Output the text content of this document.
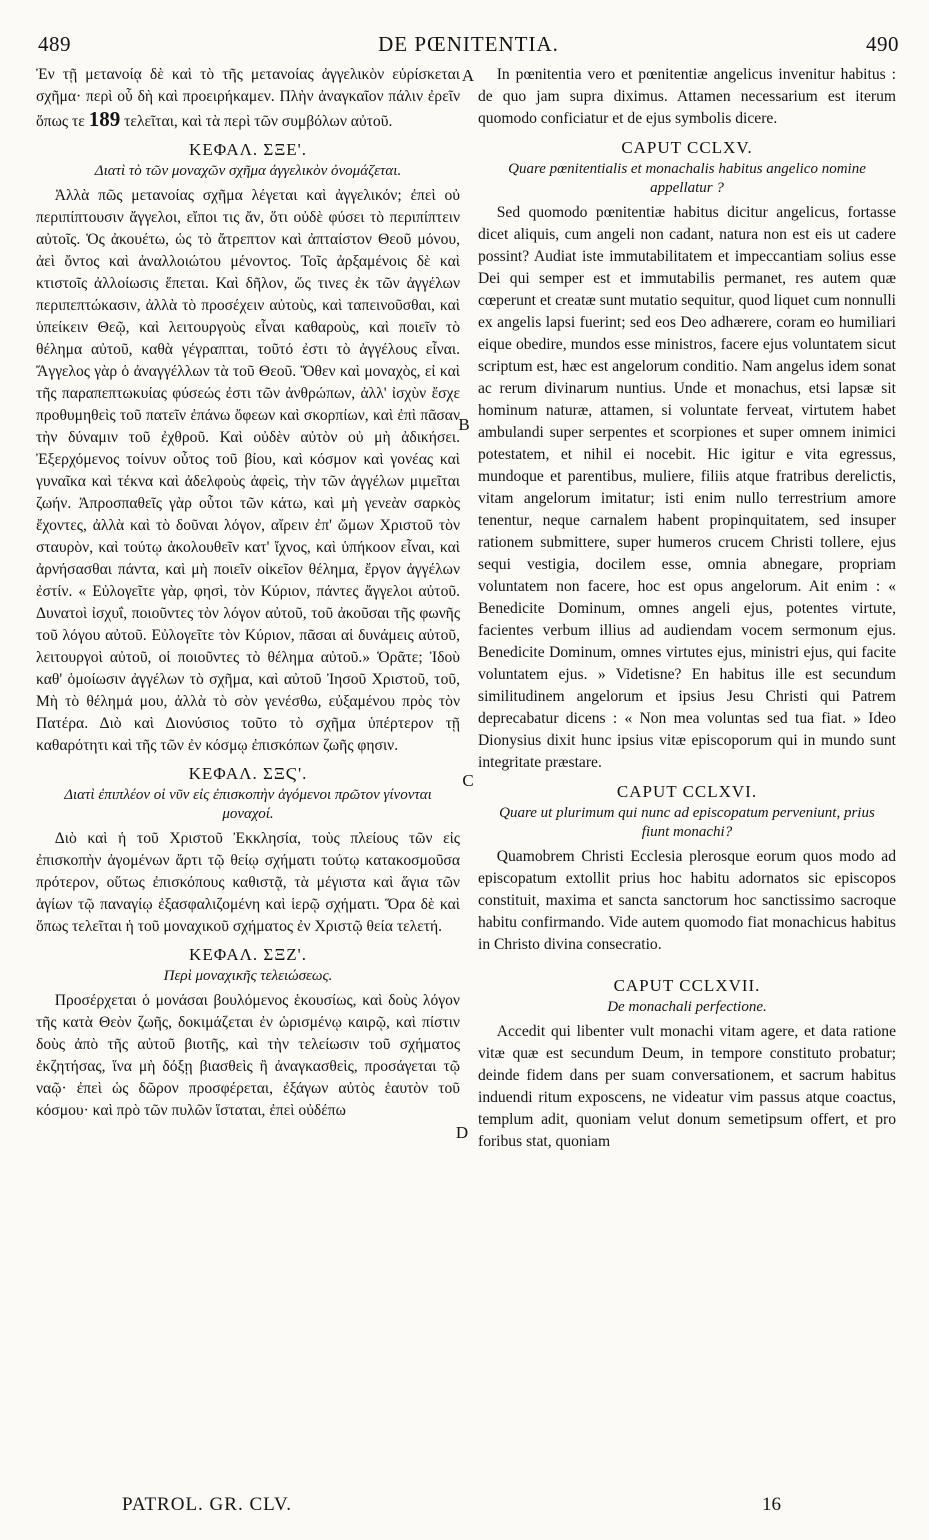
489	DE PŒNITENTIA.	490

Ἐν τῇ μετανοίᾳ δὲ καὶ τὸ τῆς μετανοίας ἀγγελικὸν εὑρίσκεται σχῆμα· περὶ οὗ δὴ καὶ προειρήκαμεν. Πλὴν ἀναγκαῖον πάλιν ἐρεῖν ὅπως τε 189 τελεῖται, καὶ τὰ περὶ τῶν συμβόλων αὐτοῦ.

ΚΕΦΑΛ. ΣΞΕ'.
Διατὶ τὸ τῶν μοναχῶν σχῆμα ἀγγελικὸν ὀνομάζεται.

Ἀλλὰ πῶς μετανοίας σχῆμα λέγεται καὶ ἀγγελικόν; ἐπεὶ οὐ περιπίπτουσιν ἄγγελοι, εἴποι τις ἄν, ὅτι οὐδὲ φύσει τὸ περιπίπτειν αὐτοῖς. Ὁς ἀκουέτω, ὡς τὸ ἄτρεπτον καὶ ἀπταίστον Θεοῦ μόνου, ἀεὶ ὄντος καὶ ἀναλλοιώτου μένοντος. Τοῖς ἀρξαμένοις δὲ καὶ κτιστοῖς ἀλλοίωσις ἕπεται. Καὶ δῆλον, ὥς τινες ἐκ τῶν ἀγγέλων περιπεπτώκασιν, ἀλλὰ τὸ προσέχειν αὐτοὺς, καὶ ταπεινοῦσθαι, καὶ ὑπείκειν Θεῷ, καὶ λειτουργοὺς εἶναι καθαροὺς, καὶ ποιεῖν τὸ θέλημα αὐτοῦ, καθὰ γέγραπται, τοῦτό ἐστι τὸ ἀγγέλους εἶναι. Ἄγγελος γὰρ ὁ ἀναγγέλλων τὰ τοῦ Θεοῦ. Ὅθεν καὶ μοναχὸς, εἰ καὶ τῆς παραπεπτωκυίας φύσεώς ἐστι τῶν ἀνθρώπων, ἀλλ' ἰσχὺν ἔσχε προθυμηθεὶς τοῦ πατεῖν ἐπάνω ὄφεων καὶ σκορπίων, καὶ ἐπὶ πᾶσαν τὴν δύναμιν τοῦ ἐχθροῦ. Καὶ οὐδὲν αὐτὸν οὐ μὴ ἀδικήσει. Ἐξερχόμενος τοίνυν οὗτος τοῦ βίου, καὶ κόσμον καὶ γονέας καὶ γυναῖκα καὶ τέκνα καὶ ἀδελφοὺς ἀφεὶς, τὴν τῶν ἀγγέλων μιμεῖται ζωήν. Ἀπροσπαθεῖς γὰρ οὗτοι τῶν κάτω, καὶ μὴ γενεὰν σαρκὸς ἔχοντες, ἀλλὰ καὶ τὸ δοῦναι λόγον, αἴρειν ἐπ' ὤμων Χριστοῦ τὸν σταυρὸν, καὶ τούτῳ ἀκολουθεῖν κατ' ἴχνος, καὶ ὑπήκοον εἶναι, καὶ ἀρνήσασθαι πάντα, καὶ μὴ ποιεῖν οἰκεῖον θέλημα, ἔργον ἀγγέλων ἐστίν. « Εὐλογεῖτε γὰρ, φησὶ, τὸν Κύριον, πάντες ἄγγελοι αὐτοῦ. Δυνατοὶ ἰσχυΐ, ποιοῦντες τὸν λόγον αὐτοῦ, τοῦ ἀκοῦσαι τῆς φωνῆς τοῦ λόγου αὐτοῦ. Εὐλογεῖτε τὸν Κύριον, πᾶσαι αἱ δυνάμεις αὐτοῦ, λειτουργοὶ αὐτοῦ, οἱ ποιοῦντες τὸ θέλημα αὐτοῦ.» Ὁρᾶτε; Ἰδοὺ καθ' ὁμοίωσιν ἀγγέλων τὸ σχῆμα, καὶ αὐτοῦ Ἰησοῦ Χριστοῦ, τοῦ, Μὴ τὸ θέλημά μου, ἀλλὰ τὸ σὸν γενέσθω, εὐξαμένου πρὸς τὸν Πατέρα. Διὸ καὶ Διονύσιος τοῦτο τὸ σχῆμα ὑπέρτερον τῇ καθαρότητι καὶ τῆς τῶν ἐν κόσμῳ ἐπισκόπων ζωῆς φησιν.

ΚΕΦΑΛ. ΣΞϚ'.
Διατὶ ἐπιπλέον οἱ νῦν εἰς ἐπισκοπὴν ἀγόμενοι πρῶτον γίνονται μοναχοί.

Διὸ καὶ ἡ τοῦ Χριστοῦ Ἐκκλησία, τοὺς πλείους τῶν εἰς ἐπισκοπὴν ἀγομένων ἄρτι τῷ θείῳ σχήματι τούτῳ κατακοσμοῦσα πρότερον, οὕτως ἐπισκόπους καθιστᾷ, τὰ μέγιστα καὶ ἅγια τῶν ἁγίων τῷ παναγίῳ ἐξασφαλιζομένη καὶ ἱερῷ σχήματι. Ὅρα δὲ καὶ ὅπως τελεῖται ἡ τοῦ μοναχικοῦ σχήματος ἐν Χριστῷ θεία τελετή.

ΚΕΦΑΛ. ΣΞΖ'.
Περὶ μοναχικῆς τελειώσεως.

Προσέρχεται ὁ μονάσαι βουλόμενος ἑκουσίως, καὶ δοὺς λόγον τῆς κατὰ Θεὸν ζωῆς, δοκιμάζεται ἐν ὡρισμένῳ καιρῷ, καὶ πίστιν δοὺς ἀπὸ τῆς αὐτοῦ βιοτῆς, καὶ τὴν τελείωσιν τοῦ σχήματος ἐκζητήσας, ἵνα μὴ δόξῃ βιασθεὶς ἢ ἀναγκασθεὶς, προσάγεται τῷ ναῷ· ἐπεὶ ὡς δῶρον προσφέρεται, ἐξάγων αὐτὸς ἑαυτὸν τοῦ κόσμου· καὶ πρὸ τῶν πυλῶν ἵσταται, ἐπεὶ οὐδέπω

A
B
C
D

In pœnitentia vero et pœnitentiæ angelicus invenitur habitus : de quo jam supra diximus. Attamen necessarium est iterum quomodo conficiatur et de ejus symbolis dicere.

CAPUT CCLXV.
Quare pœnitentialis et monachalis habitus angelico nomine appellatur ?

Sed quomodo pœnitentiæ habitus dicitur angelicus, fortasse dicet aliquis, cum angeli non cadant, natura non est eis ut cadere possint? Audiat iste immutabilitatem et impeccantiam solius esse Dei qui semper est et immutabilis permanet, res autem quæ cœperunt et creatæ sunt mutatio sequitur, quod liquet cum nonnulli ex angelis lapsi fuerint; sed eos Deo adhærere, coram eo humiliari eique obedire, mundos esse ministros, facere ejus voluntatem sicut scriptum est, hæc est angelorum conditio. Nam angelus idem sonat ac rerum divinarum nuntius. Unde et monachus, etsi lapsæ sit hominum naturæ, attamen, si voluntate ferveat, virtutem habet ambulandi super serpentes et scorpiones et super omnem inimici potestatem, et nihil ei nocebit. Hic igitur e vita egressus, mundoque et parentibus, muliere, filiis atque fratribus derelictis, vitam angelorum imitatur; isti enim nullo terrestrium amore tenentur, neque carnalem habent propinquitatem, sed insuper rationem submittere, super humeros crucem Christi tollere, ejus sequi vestigia, docilem esse, omnia abnegare, propriam voluntatem non facere, hoc est opus angelorum. Ait enim : « Benedicite Dominum, omnes angeli ejus, potentes virtute, facientes verbum illius ad audiendam vocem sermonum ejus. Benedicite Dominum, omnes virtutes ejus, ministri ejus, qui facite voluntatem ejus. » Videtisne? En habitus ille est secundum similitudinem angelorum et ipsius Jesu Christi qui Patrem deprecabatur dicens : « Non mea voluntas sed tua fiat. » Ideo Dionysius dixit hunc ipsius vitæ episcoporum qui in mundo sunt integritate præstare.

CAPUT CCLXVI.
Quare ut plurimum qui nunc ad episcopatum perveniunt, prius fiunt monachi?

Quamobrem Christi Ecclesia plerosque eorum quos modo ad episcopatum extollit prius hoc habitu adornatos sic episcopos constituit, maxima et sancta sanctorum hoc sanctissimo sacroque habitu confirmando. Vide autem quomodo fiat monachicus habitus in Christo divina consecratio.

CAPUT CCLXVII.
De monachali perfectione.

Accedit qui libenter vult monachi vitam agere, et data ratione vitæ quæ est secundum Deum, in tempore constituto probatur; deinde fidem dans per suam conversationem, et sacrum habitus induendi ritum exposcens, ne videatur vim passus atque coactus, templum adit, quoniam velut donum semetipsum offert, et pro foribus stat, quoniam

PATROL. GR. CLV.	16
